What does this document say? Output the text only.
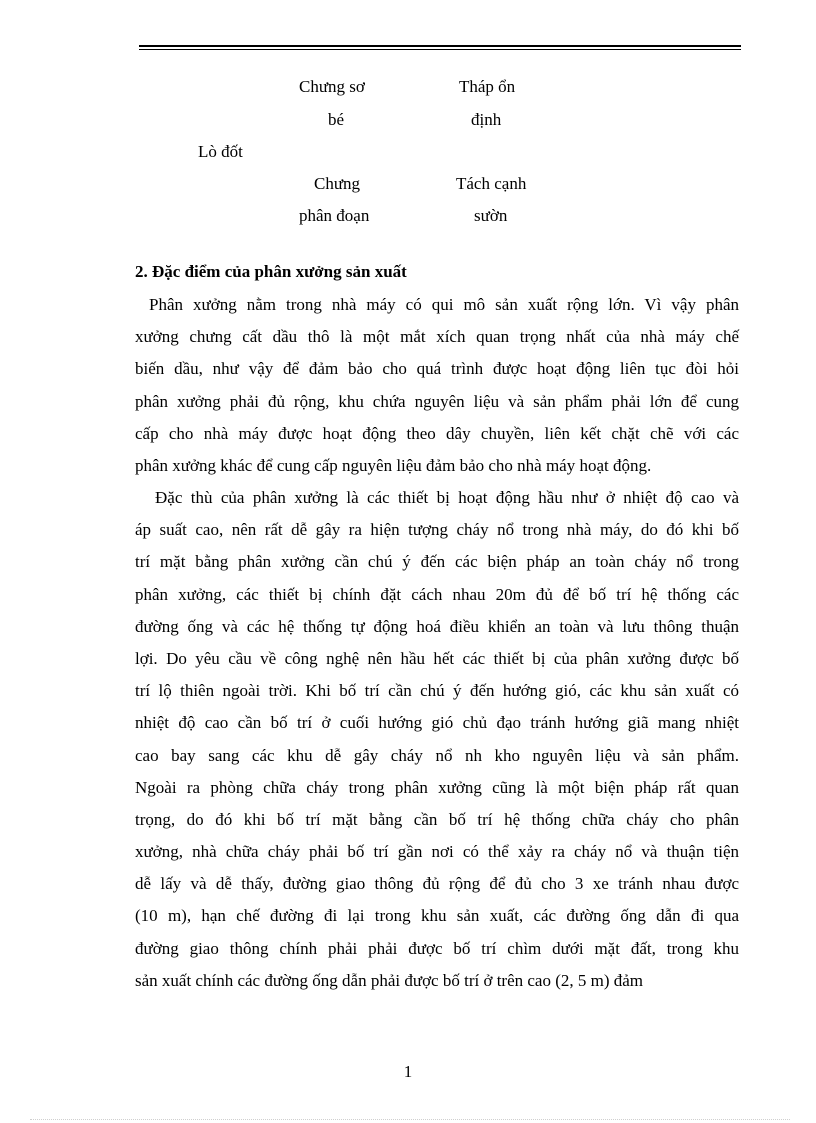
Chưng sơ
bé
Tháp ổn
định
Lò đốt
Chưng
phân đoạn
Tách cạnh
sườn
2. Đặc điểm của phân xưởng sản xuất
Phân xưởng nằm trong nhà máy có qui mô sản xuất rộng lớn. Vì vậy phân
xưởng chưng cất dầu thô là một mắt xích quan trọng nhất của nhà máy chế
biến dầu, như vậy để đảm bảo cho quá trình được hoạt động liên tục đòi hỏi
phân xưởng phải đủ rộng, khu chứa nguyên liệu và sản phẩm phải lớn để cung
cấp cho nhà máy được hoạt động theo dây chuyền, liên kết chặt chẽ với các
phân xưởng khác để cung cấp nguyên liệu đảm bảo cho nhà máy hoạt động.
Đặc thù của phân xưởng là các thiết bị hoạt động hầu như ở nhiệt độ cao và
áp suất cao, nên rất dễ gây ra hiện tượng cháy nổ trong nhà máy, do đó khi bố
trí mặt bằng phân xưởng cần chú ý đến các biện pháp an toàn cháy nổ trong
phân xưởng, các thiết bị chính đặt cách nhau 20m đủ để bố trí hệ thống các
đường ống và các hệ thống tự động hoá điều khiển an toàn và lưu thông thuận
lợi. Do yêu cầu về công nghệ nên hầu hết các thiết bị của phân xưởng được bố
trí lộ thiên ngoài trời. Khi bố trí cần chú ý đến hướng gió, các khu sản xuất có
nhiệt độ cao cần bố trí ở cuối hướng gió chủ đạo tránh hướng giã mang nhiệt
cao bay sang các khu dễ gây cháy nổ nh kho nguyên liệu và sản phẩm.
Ngoài ra phòng chữa cháy trong phân xưởng cũng là một biện pháp rất quan
trọng, do đó khi bố trí mặt bằng cần bố trí hệ thống chữa cháy cho phân
xưởng, nhà chữa cháy phải bố trí gần nơi có thể xảy ra cháy nổ và thuận tiện
dễ lấy và dễ thấy, đường giao thông đủ rộng để đủ cho 3 xe tránh nhau được
(10 m), hạn chế đường đi lại trong khu sản xuất, các đường ống dẫn đi qua
đường giao thông chính phải phải được bố trí chìm dưới mặt đất, trong khu
sản xuất chính các đường ống dẫn phải được bố trí ở trên cao (2, 5 m) đảm
1
